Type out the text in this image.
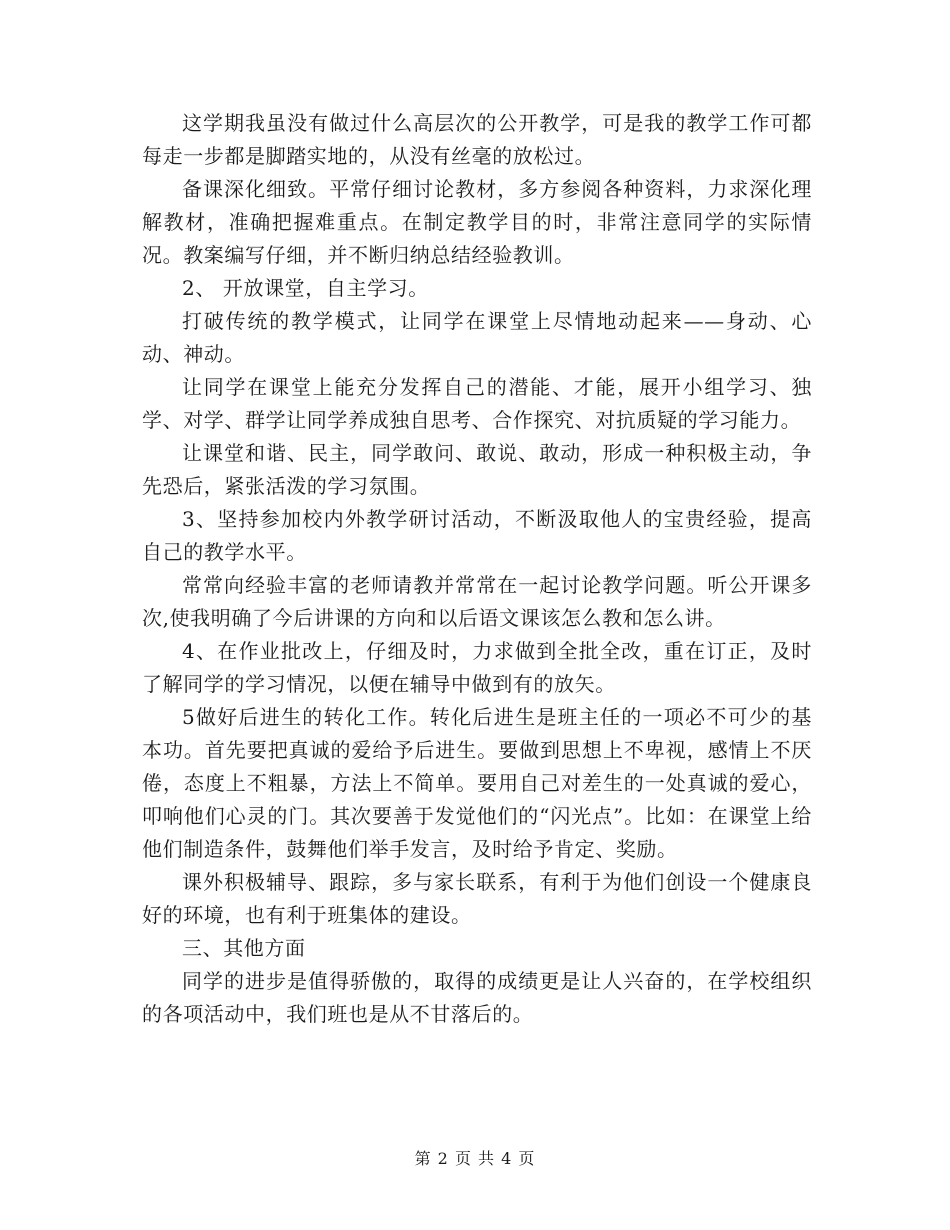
这学期我虽没有做过什么高层次的公开教学，可是我的教学工作可都每走一步都是脚踏实地的，从没有丝毫的放松过。

备课深化细致。平常仔细讨论教材，多方参阅各种资料，力求深化理解教材，准确把握难重点。在制定教学目的时，非常注意同学的实际情况。教案编写仔细，并不断归纳总结经验教训。

2、 开放课堂，自主学习。

打破传统的教学模式，让同学在课堂上尽情地动起来——身动、心动、神动。

让同学在课堂上能充分发挥自己的潜能、才能，展开小组学习、独学、对学、群学让同学养成独自思考、合作探究、对抗质疑的学习能力。

让课堂和谐、民主，同学敢问、敢说、敢动，形成一种积极主动，争先恐后，紧张活泼的学习氛围。

3、坚持参加校内外教学研讨活动，不断汲取他人的宝贵经验，提高自己的教学水平。

常常向经验丰富的老师请教并常常在一起讨论教学问题。听公开课多次,使我明确了今后讲课的方向和以后语文课该怎么教和怎么讲。

4、在作业批改上，仔细及时，力求做到全批全改，重在订正，及时了解同学的学习情况，以便在辅导中做到有的放矢。

5做好后进生的转化工作。转化后进生是班主任的一项必不可少的基本功。首先要把真诚的爱给予后进生。要做到思想上不卑视，感情上不厌倦，态度上不粗暴，方法上不简单。要用自己对差生的一处真诚的爱心，叩响他们心灵的门。其次要善于发觉他们的“闪光点”。比如：在课堂上给他们制造条件，鼓舞他们举手发言，及时给予肯定、奖励。

课外积极辅导、跟踪，多与家长联系，有利于为他们创设一个健康良好的环境，也有利于班集体的建设。

三、其他方面

同学的进步是值得骄傲的，取得的成绩更是让人兴奋的，在学校组织的各项活动中，我们班也是从不甘落后的。

第 2 页 共 4 页
